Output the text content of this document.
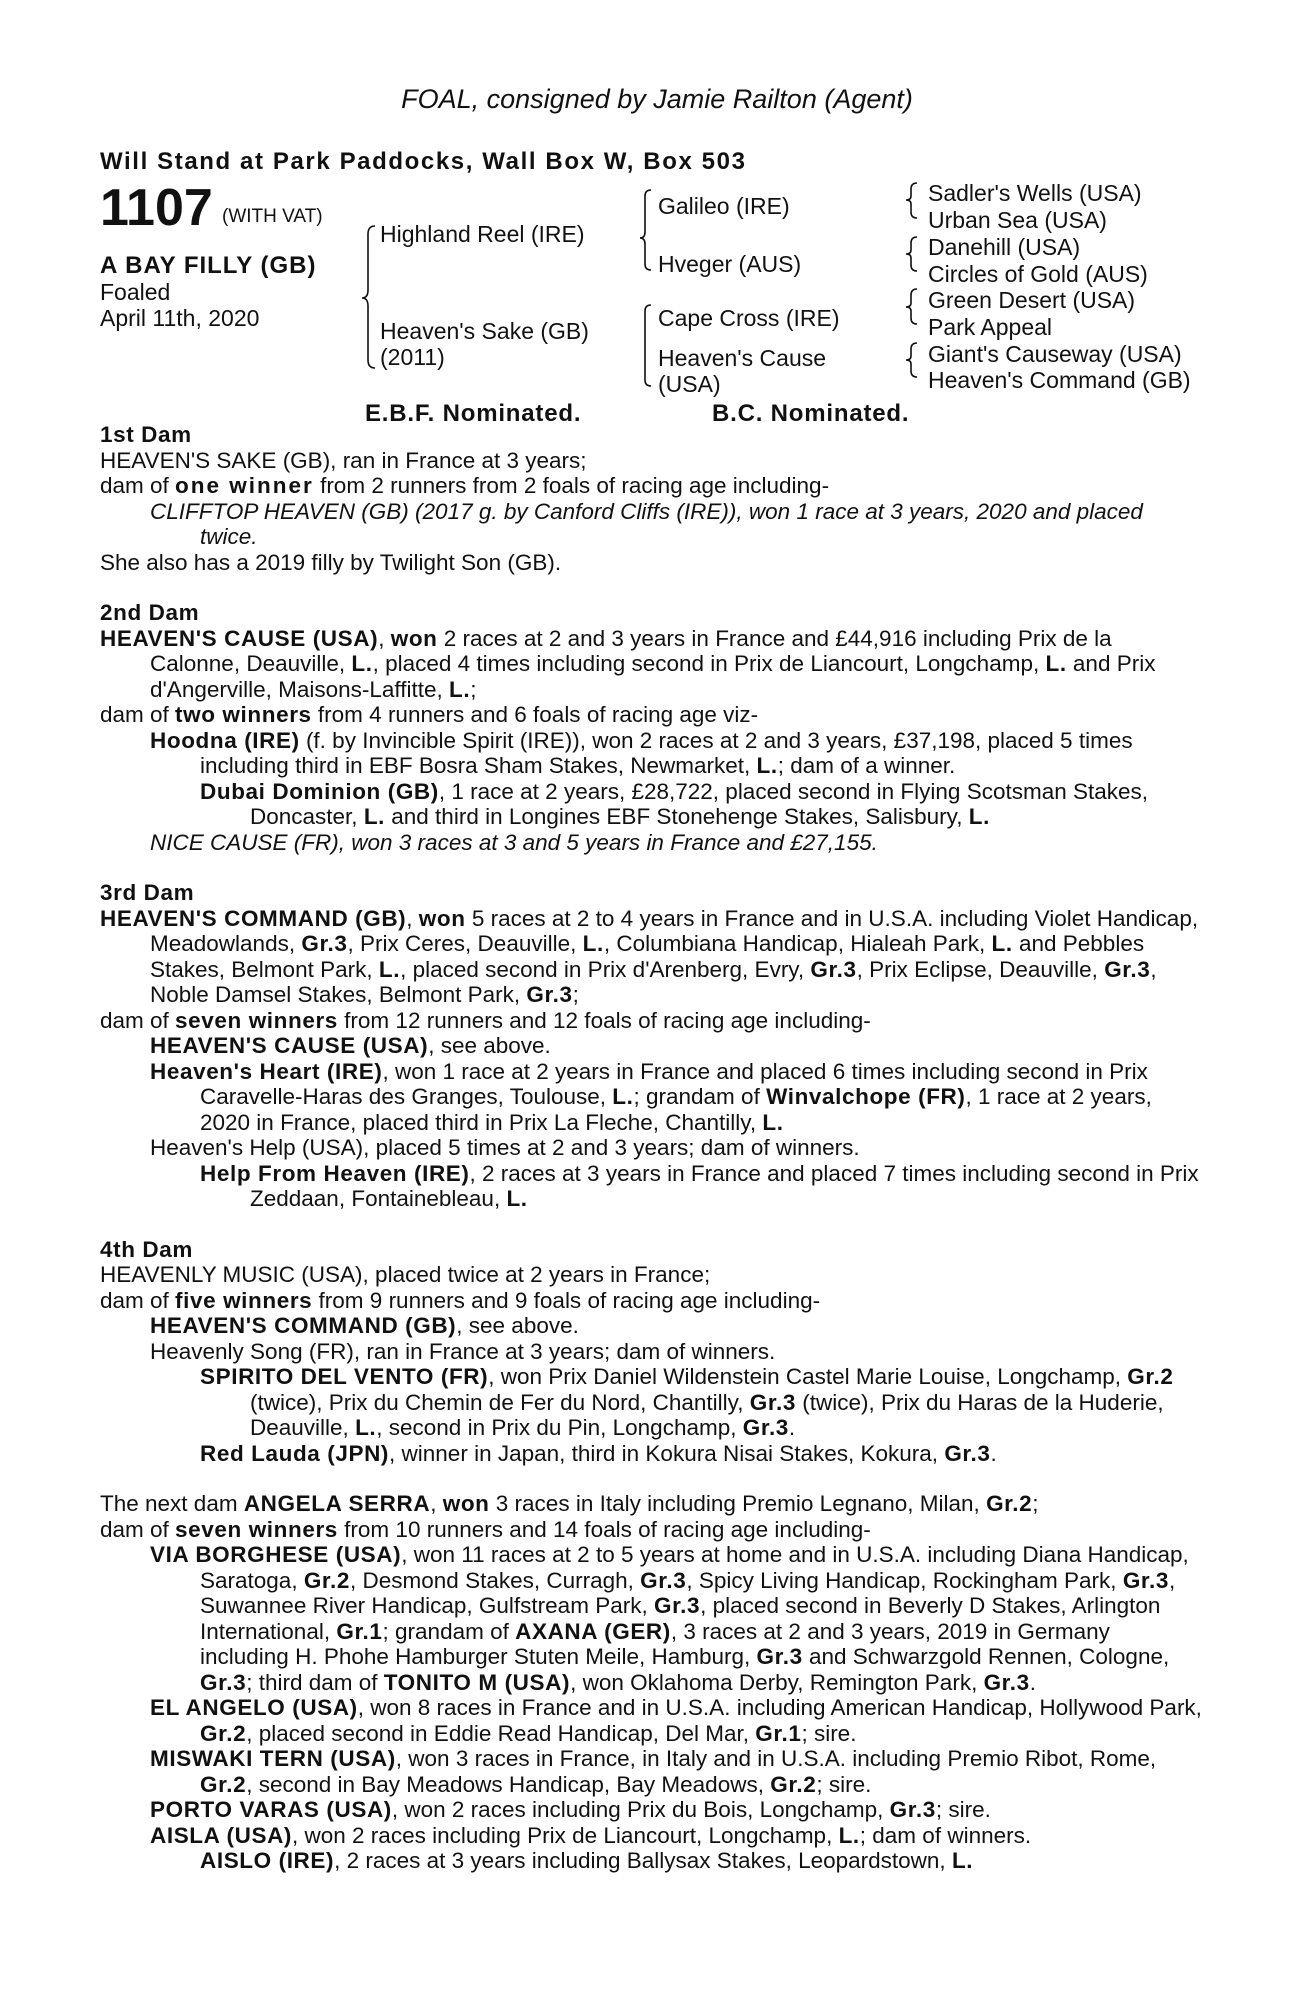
FOAL, consigned by Jamie Railton (Agent)
Will Stand at Park Paddocks, Wall Box W, Box 503
1107 (WITH VAT)
A BAY FILLY (GB)
Foaled
April 11th, 2020
Highland Reel (IRE)
Heaven's Sake (GB)
(2011)
Galileo (IRE)
Hveger (AUS)
Cape Cross (IRE)
Heaven's Cause
(USA)
Sadler's Wells (USA)
Urban Sea (USA)
Danehill (USA)
Circles of Gold (AUS)
Green Desert (USA)
Park Appeal
Giant's Causeway (USA)
Heaven's Command (GB)
E.B.F. Nominated.	B.C. Nominated.

1st Dam

HEAVEN'S SAKE (GB), ran in France at 3 years;

dam of one winner from 2 runners from 2 foals of racing age including-

CLIFFTOP HEAVEN (GB) (2017 g. by Canford Cliffs (IRE)), won 1 race at 3 years, 2020 and placed twice.

She also has a 2019 filly by Twilight Son (GB).

2nd Dam

HEAVEN'S CAUSE (USA), won 2 races at 2 and 3 years in France and £44,916 including Prix de la Calonne, Deauville, L., placed 4 times including second in Prix de Liancourt, Longchamp, L. and Prix d'Angerville, Maisons-Laffitte, L.;

dam of two winners from 4 runners and 6 foals of racing age viz-

Hoodna (IRE) (f. by Invincible Spirit (IRE)), won 2 races at 2 and 3 years, £37,198, placed 5 times including third in EBF Bosra Sham Stakes, Newmarket, L.; dam of a winner.

Dubai Dominion (GB), 1 race at 2 years, £28,722, placed second in Flying Scotsman Stakes, Doncaster, L. and third in Longines EBF Stonehenge Stakes, Salisbury, L.

NICE CAUSE (FR), won 3 races at 3 and 5 years in France and £27,155.

3rd Dam

HEAVEN'S COMMAND (GB), won 5 races at 2 to 4 years in France and in U.S.A. including Violet Handicap, Meadowlands, Gr.3, Prix Ceres, Deauville, L., Columbiana Handicap, Hialeah Park, L. and Pebbles Stakes, Belmont Park, L., placed second in Prix d'Arenberg, Evry, Gr.3, Prix Eclipse, Deauville, Gr.3, Noble Damsel Stakes, Belmont Park, Gr.3;

dam of seven winners from 12 runners and 12 foals of racing age including-

HEAVEN'S CAUSE (USA), see above.

Heaven's Heart (IRE), won 1 race at 2 years in France and placed 6 times including second in Prix Caravelle-Haras des Granges, Toulouse, L.; grandam of Winvalchope (FR), 1 race at 2 years, 2020 in France, placed third in Prix La Fleche, Chantilly, L.

Heaven's Help (USA), placed 5 times at 2 and 3 years; dam of winners.

Help From Heaven (IRE), 2 races at 3 years in France and placed 7 times including second in Prix Zeddaan, Fontainebleau, L.

4th Dam

HEAVENLY MUSIC (USA), placed twice at 2 years in France;

dam of five winners from 9 runners and 9 foals of racing age including-

HEAVEN'S COMMAND (GB), see above.

Heavenly Song (FR), ran in France at 3 years; dam of winners.

SPIRITO DEL VENTO (FR), won Prix Daniel Wildenstein Castel Marie Louise, Longchamp, Gr.2 (twice), Prix du Chemin de Fer du Nord, Chantilly, Gr.3 (twice), Prix du Haras de la Huderie, Deauville, L., second in Prix du Pin, Longchamp, Gr.3.

Red Lauda (JPN), winner in Japan, third in Kokura Nisai Stakes, Kokura, Gr.3.

The next dam ANGELA SERRA, won 3 races in Italy including Premio Legnano, Milan, Gr.2;

dam of seven winners from 10 runners and 14 foals of racing age including-

VIA BORGHESE (USA), won 11 races at 2 to 5 years at home and in U.S.A. including Diana Handicap, Saratoga, Gr.2, Desmond Stakes, Curragh, Gr.3, Spicy Living Handicap, Rockingham Park, Gr.3, Suwannee River Handicap, Gulfstream Park, Gr.3, placed second in Beverly D Stakes, Arlington International, Gr.1; grandam of AXANA (GER), 3 races at 2 and 3 years, 2019 in Germany including H. Phohe Hamburger Stuten Meile, Hamburg, Gr.3 and Schwarzgold Rennen, Cologne, Gr.3; third dam of TONITO M (USA), won Oklahoma Derby, Remington Park, Gr.3.

EL ANGELO (USA), won 8 races in France and in U.S.A. including American Handicap, Hollywood Park, Gr.2, placed second in Eddie Read Handicap, Del Mar, Gr.1; sire.

MISWAKI TERN (USA), won 3 races in France, in Italy and in U.S.A. including Premio Ribot, Rome, Gr.2, second in Bay Meadows Handicap, Bay Meadows, Gr.2; sire.

PORTO VARAS (USA), won 2 races including Prix du Bois, Longchamp, Gr.3; sire.

AISLA (USA), won 2 races including Prix de Liancourt, Longchamp, L.; dam of winners.

AISLO (IRE), 2 races at 3 years including Ballysax Stakes, Leopardstown, L.
